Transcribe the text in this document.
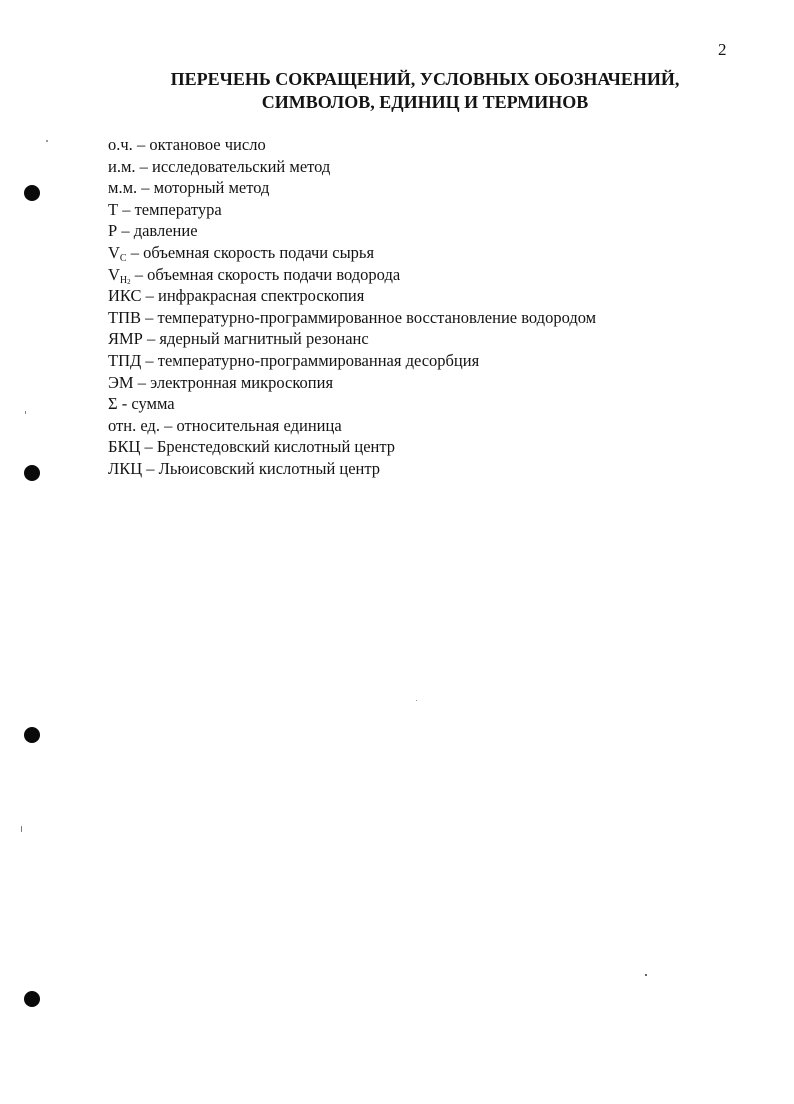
2
ПЕРЕЧЕНЬ СОКРАЩЕНИЙ, УСЛОВНЫХ ОБОЗНАЧЕНИЙ,
СИМВОЛОВ, ЕДИНИЦ И ТЕРМИНОВ
о.ч. – октановое число
и.м. – исследовательский метод
м.м. – моторный метод
Т – температура
Р – давление
$V_C$ – объемная скорость подачи сырья
$V_{H_2}$ – объемная скорость подачи водорода
ИКС – инфракрасная спектроскопия
ТПВ – температурно-программированное восстановление водородом
ЯМР – ядерный магнитный резонанс
ТПД – температурно-программированная десорбция
ЭМ – электронная микроскопия
Σ - сумма
отн. ед. – относительная единица
БКЦ – Бренстедовский кислотный центр
ЛКЦ – Льюисовский кислотный центр
